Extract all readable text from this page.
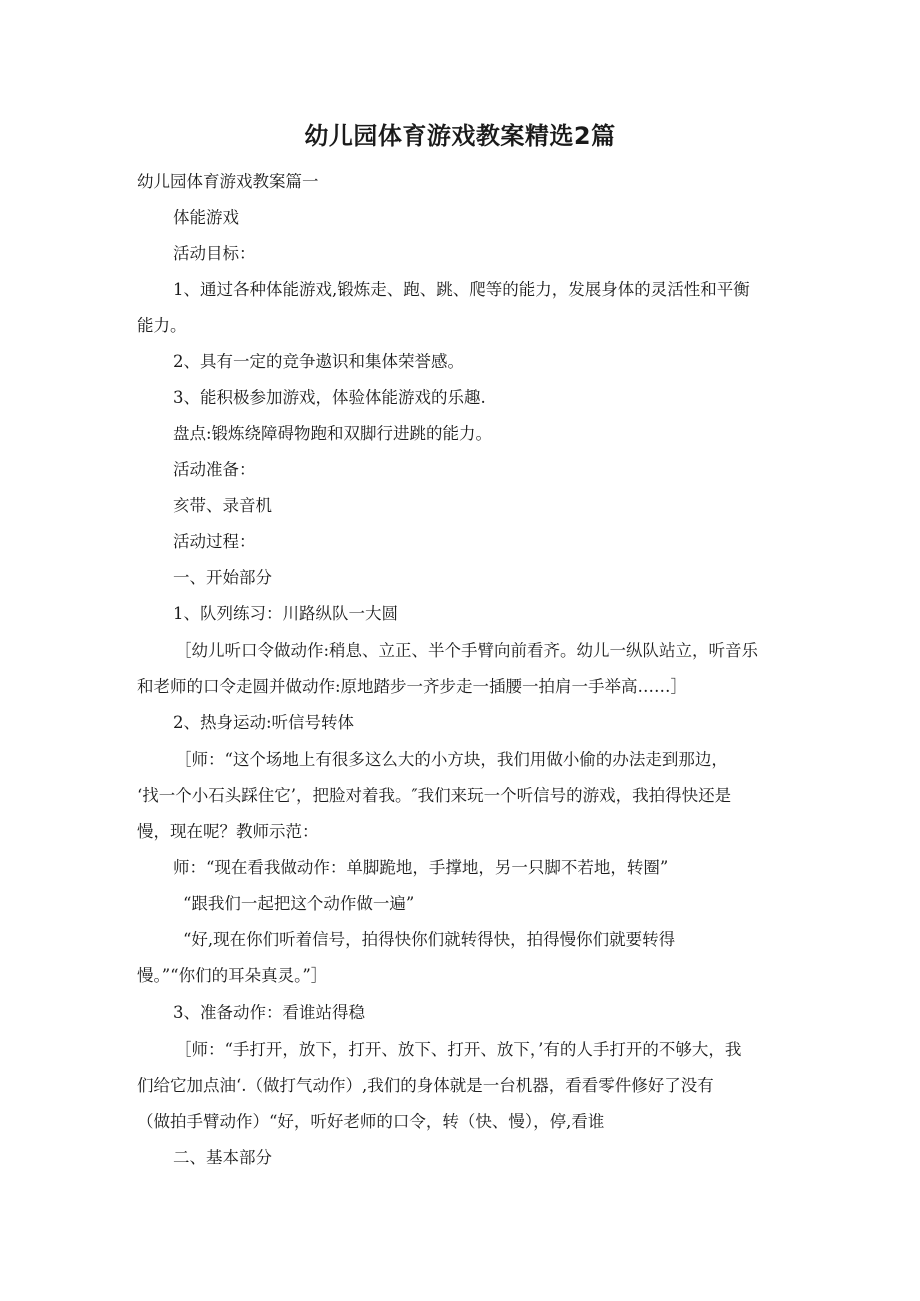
幼儿园体育游戏教案精选2篇
幼儿园体育游戏教案篇一
体能游戏
活动目标：
1、通过各种体能游戏,锻炼走、跑、跳、爬等的能力，发展身体的灵活性和平衡
能力。
2、具有一定的竞争遨识和集体荣誉感。
3、能积极参加游戏，体验体能游戏的乐趣.
盘点:锻炼绕障碍物跑和双脚行进跳的能力。
活动准备：
亥带、录音机
活动过程：
一、开始部分
1、队列练习：川路纵队一大圆
［幼儿听口令做动作:稍息、立正、半个手臂向前看齐。幼儿一纵队站立，听音乐
和老师的口令走圆并做动作:原地踏步一齐步走一插腰一拍肩一手举高……］
2、热身运动:听信号转体
［师：“这个场地上有很多这么大的小方块，我们用做小偷的办法走到那边，
‘找一个小石头踩住它’，把脸对着我。″我们来玩一个听信号的游戏，我拍得快还是
慢，现在呢？教师示范：
师：“现在看我做动作：单脚跪地，手撑地，另一只脚不若地，转圈”
“跟我们一起把这个动作做一遍”
“好,现在你们听着信号，拍得快你们就转得快，拍得慢你们就要转得
慢。”“你们的耳朵真灵。”］
3、准备动作：看谁站得稳
［师：“手打开，放下，打开、放下、打开、放下，’有的人手打开的不够大，我
们给它加点油‘.（做打气动作）,我们的身体就是一台机器，看看零件修好了没有
（做拍手臂动作）“好，听好老师的口令，转（快、慢），停,看谁
二、基本部分
